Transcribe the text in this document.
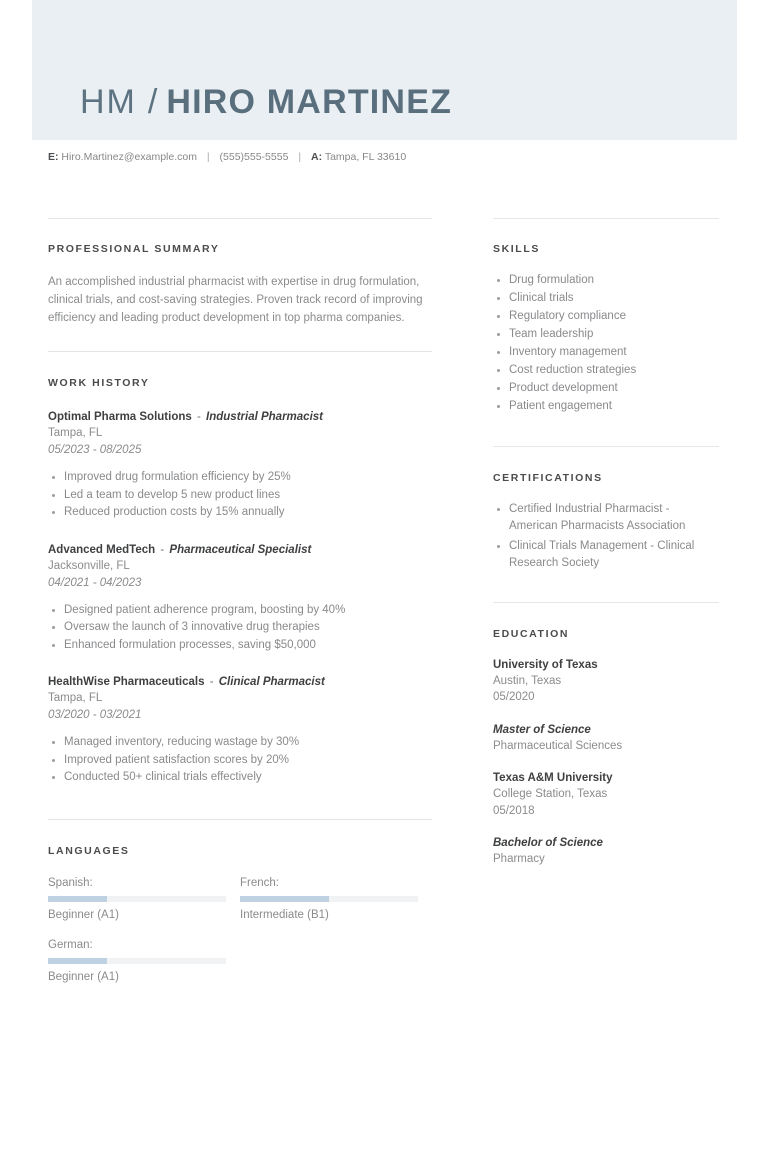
HM / HIRO MARTINEZ
E: Hiro.Martinez@example.com | (555)555-5555 | A: Tampa, FL 33610
PROFESSIONAL SUMMARY

An accomplished industrial pharmacist with expertise in drug formulation, clinical trials, and cost-saving strategies. Proven track record of improving efficiency and leading product development in top pharma companies.

WORK HISTORY
Optimal Pharma Solutions - Industrial Pharmacist
Tampa, FL
05/2023 - 08/2025
Improved drug formulation efficiency by 25%
Led a team to develop 5 new product lines
Reduced production costs by 15% annually
Advanced MedTech - Pharmaceutical Specialist
Jacksonville, FL
04/2021 - 04/2023
Designed patient adherence program, boosting by 40%
Oversaw the launch of 3 innovative drug therapies
Enhanced formulation processes, saving $50,000
HealthWise Pharmaceuticals - Clinical Pharmacist
Tampa, FL
03/2020 - 03/2021
Managed inventory, reducing wastage by 30%
Improved patient satisfaction scores by 20%
Conducted 50+ clinical trials effectively
LANGUAGES
Spanish:
Beginner (A1)
French:
Intermediate (B1)
German:
Beginner (A1)
SKILLS
Drug formulation
Clinical trials
Regulatory compliance
Team leadership
Inventory management
Cost reduction strategies
Product development
Patient engagement
CERTIFICATIONS
Certified Industrial Pharmacist - American Pharmacists Association
Clinical Trials Management - Clinical Research Society
EDUCATION
University of Texas
Austin, Texas
05/2020
Master of Science
Pharmaceutical Sciences
Texas A&M University
College Station, Texas
05/2018
Bachelor of Science
Pharmacy
